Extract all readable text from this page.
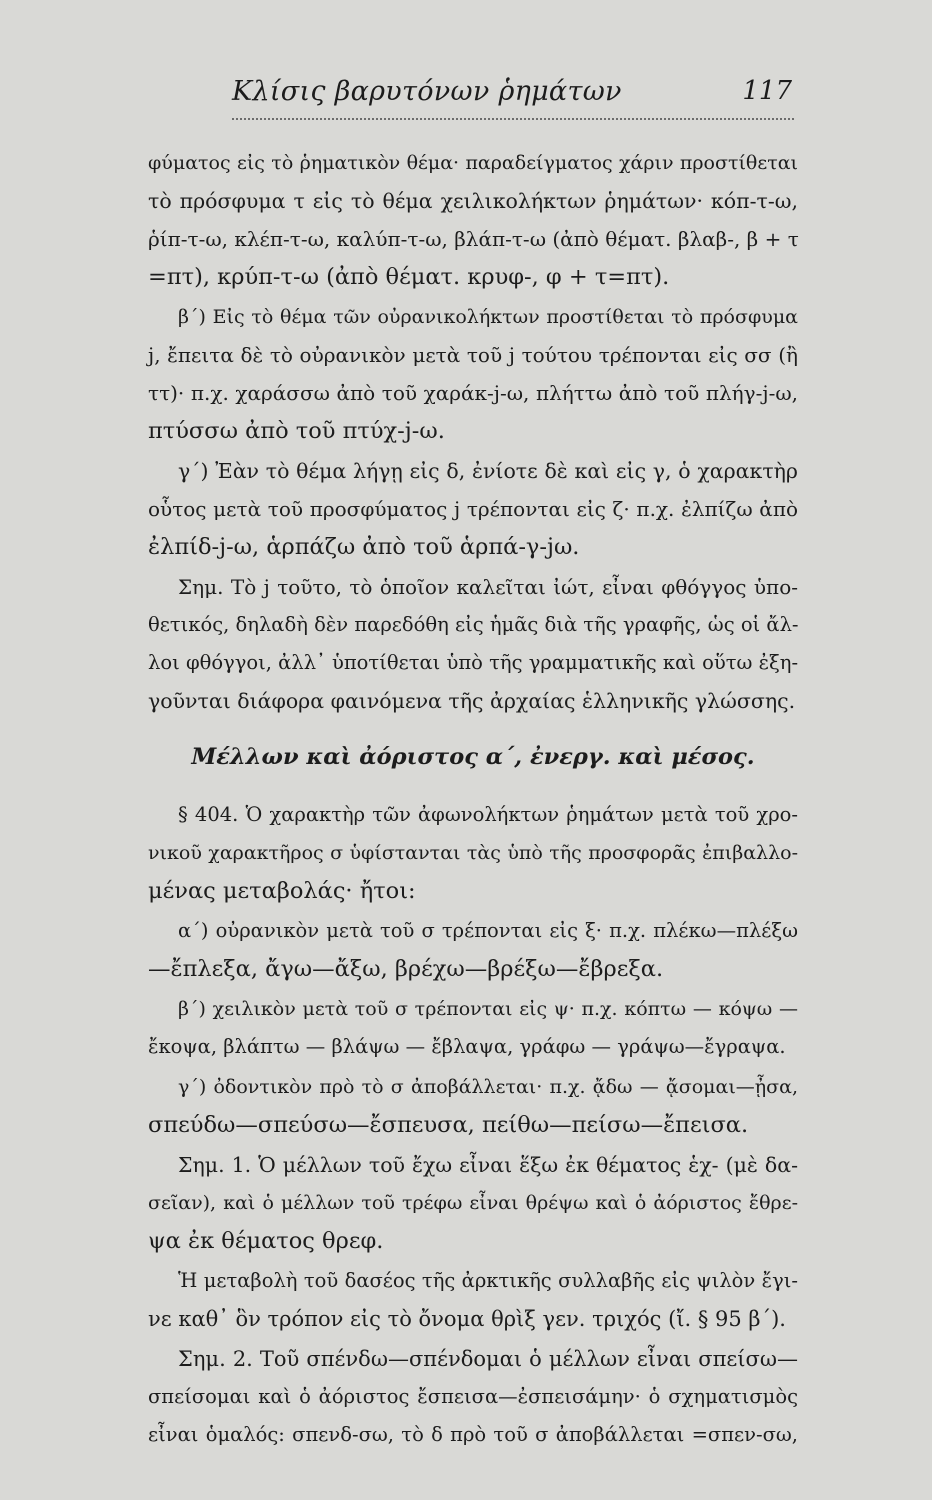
Κλίσις βαρυτόνων ῥημάτων	117
φύματος εἰς τὸ ῥηματικὸν θέμα· παραδείγματος χάριν προστίθεται
τὸ πρόσφυμα τ εἰς τὸ θέμα χειλικολήκτων ῥημάτων· κόπ-τ-ω,
ῥίπ-τ-ω, κλέπ-τ-ω, καλύπ-τ-ω, βλάπ-τ-ω (ἀπὸ θέματ. βλαβ-, β + τ
=πτ), κρύπ-τ-ω (ἀπὸ θέματ. κρυφ-, φ + τ=πτ).
β΄) Εἰς τὸ θέμα τῶν οὐρανικολήκτων προστίθεται τὸ πρόσφυμα
j, ἔπειτα δὲ τὸ οὐρανικὸν μετὰ τοῦ j τούτου τρέπονται εἰς σσ (ἢ
ττ)· π.χ. χαράσσω ἀπὸ τοῦ χαράκ-j-ω, πλήττω ἀπὸ τοῦ πλήγ-j-ω,
πτύσσω ἀπὸ τοῦ πτύχ-j-ω.
γ΄) Ἐὰν τὸ θέμα λήγῃ εἰς δ, ἐνίοτε δὲ καὶ εἰς γ, ὁ χαρακτὴρ
οὗτος μετὰ τοῦ προσφύματος j τρέπονται εἰς ζ· π.χ. ἐλπίζω ἀπὸ
ἐλπίδ-j-ω, ἁρπάζω ἀπὸ τοῦ ἁρπά-γ-jω.
Σημ. Τὸ j τοῦτο, τὸ ὁποῖον καλεῖται ἰώτ, εἶναι φθόγγος ὑπο-
θετικός, δηλαδὴ δὲν παρεδόθη εἰς ἡμᾶς διὰ τῆς γραφῆς, ὡς οἱ ἄλ-
λοι φθόγγοι, ἀλλ᾽ ὑποτίθεται ὑπὸ τῆς γραμματικῆς καὶ οὕτω ἐξη-
γοῦνται διάφορα φαινόμενα τῆς ἀρχαίας ἑλληνικῆς γλώσσης.
Μέλλων καὶ ἀόριστος α΄, ἐνεργ. καὶ μέσος.
§ 404. Ὁ χαρακτὴρ τῶν ἀφωνολήκτων ῥημάτων μετὰ τοῦ χρο-
νικοῦ χαρακτῆρος σ ὑφίστανται τὰς ὑπὸ τῆς προσφορᾶς ἐπιβαλλο-
μένας μεταβολάς· ἤτοι:
α΄) οὐρανικὸν μετὰ τοῦ σ τρέπονται εἰς ξ· π.χ. πλέκω—πλέξω
—ἔπλεξα, ἄγω—ἄξω, βρέχω—βρέξω—ἔβρεξα.
β΄) χειλικὸν μετὰ τοῦ σ τρέπονται εἰς ψ· π.χ. κόπτω — κόψω —
ἔκοψα, βλάπτω — βλάψω — ἔβλαψα, γράφω — γράψω—ἔγραψα.
γ΄) ὀδοντικὸν πρὸ τὸ σ ἀποβάλλεται· π.χ. ᾄδω — ᾄσομαι—ᾖσα,
σπεύδω—σπεύσω—ἔσπευσα, πείθω—πείσω—ἔπεισα.
Σημ. 1. Ὁ μέλλων τοῦ ἔχω εἶναι ἕξω ἐκ θέματος ἑχ- (μὲ δα-
σεῖαν), καὶ ὁ μέλλων τοῦ τρέφω εἶναι θρέψω καὶ ὁ ἀόριστος ἔθρε-
ψα ἐκ θέματος θρεφ.
Ἡ μεταβολὴ τοῦ δασέος τῆς ἀρκτικῆς συλλαβῆς εἰς ψιλὸν ἔγι-
νε καθ᾽ ὃν τρόπον εἰς τὸ ὄνομα θρὶξ γεν. τριχός (ἴ. § 95 β΄).
Σημ. 2. Τοῦ σπένδω—σπένδομαι ὁ μέλλων εἶναι σπείσω—
σπείσομαι καὶ ὁ ἀόριστος ἔσπεισα—ἐσπεισάμην· ὁ σχηματισμὸς
εἶναι ὁμαλός: σπενδ-σω, τὸ δ πρὸ τοῦ σ ἀποβάλλεται =σπεν-σω,
